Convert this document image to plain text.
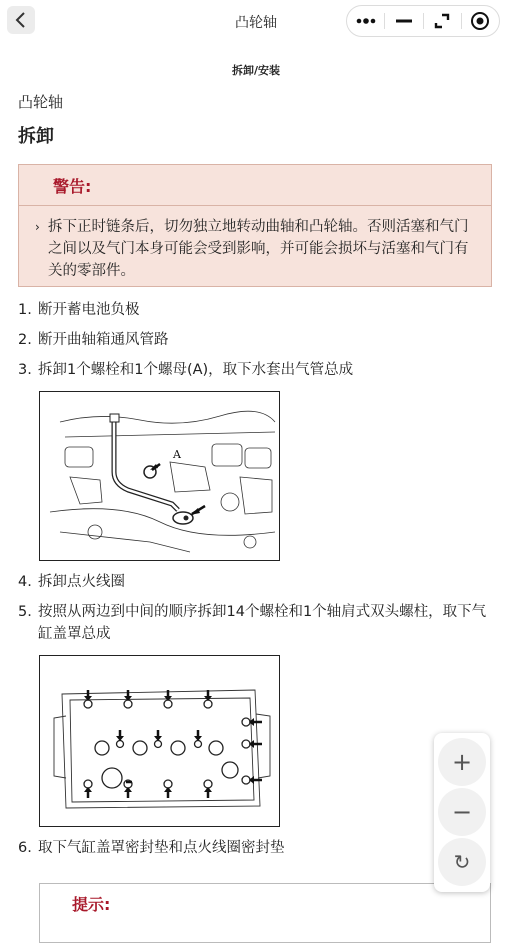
凸轮轴
拆卸/安装
凸轮轴
拆卸
警告:
› 拆下正时链条后，切勿独立地转动曲轴和凸轮轴。否则活塞和气门之间以及气门本身可能会受到影响，并可能会损坏与活塞和气门有关的零部件。
1. 断开蓄电池负极
2. 断开曲轴箱通风管路
3. 拆卸1个螺栓和1个螺母(A)，取下水套出气管总成
A
4. 拆卸点火线圈
5. 按照从两边到中间的顺序拆卸14个螺栓和1个轴肩式双头螺柱，取下气缸盖罩总成
6. 取下气缸盖罩密封垫和点火线圈密封垫
提示:
+
−
↻
